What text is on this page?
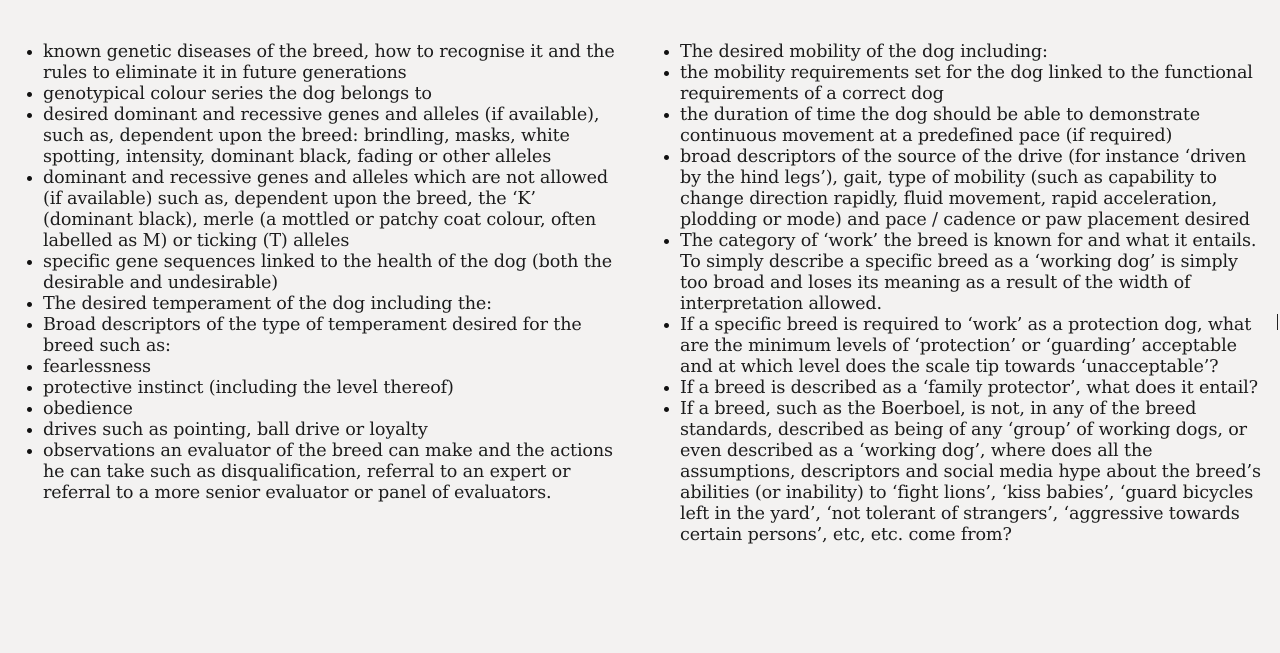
known genetic diseases of the breed, how to recognise it and the rules to eliminate it in future generations
genotypical colour series the dog belongs to
desired dominant and recessive genes and alleles (if available), such as, dependent upon the breed: brindling, masks, white spotting, intensity, dominant black, fading or other alleles
dominant and recessive genes and alleles which are not allowed (if available) such as, dependent upon the breed, the ‘K’ (dominant black), merle (a mottled or patchy coat colour, often labelled as M) or ticking (T) alleles
specific gene sequences linked to the health of the dog (both the desirable and undesirable)
The desired temperament of the dog including the:
Broad descriptors of the type of temperament desired for the breed such as:
fearlessness
protective instinct (including the level thereof)
obedience
drives such as pointing, ball drive or loyalty
observations an evaluator of the breed can make and the actions he can take such as disqualification, referral to an expert or referral to a more senior evaluator or panel of evaluators.
The desired mobility of the dog including:
the mobility requirements set for the dog linked to the functional requirements of a correct dog
the duration of time the dog should be able to demonstrate continuous movement at a predefined pace (if required)
broad descriptors of the source of the drive (for instance ‘driven by the hind legs’), gait, type of mobility (such as capability to change direction rapidly, fluid movement, rapid acceleration, plodding or mode) and pace / cadence or paw placement desired
The category of ‘work’ the breed is known for and what it entails. To simply describe a specific breed as a ‘working dog’ is simply too broad and loses its meaning as a result of the width of interpretation allowed.
If a specific breed is required to ‘work’ as a protection dog, what are the minimum levels of ‘protection’ or ‘guarding’ acceptable and at which level does the scale tip towards ‘unacceptable’?
If a breed is described as a ‘family protector’, what does it entail?
If a breed, such as the Boerboel, is not, in any of the breed standards, described as being of any ‘group’ of working dogs, or even described as a ‘working dog’, where does all the assumptions, descriptors and social media hype about the breed’s abilities (or inability) to ‘fight lions’, ‘kiss babies’, ‘guard bicycles left in the yard’, ‘not tolerant of strangers’, ‘aggressive towards certain persons’, etc, etc. come from?
